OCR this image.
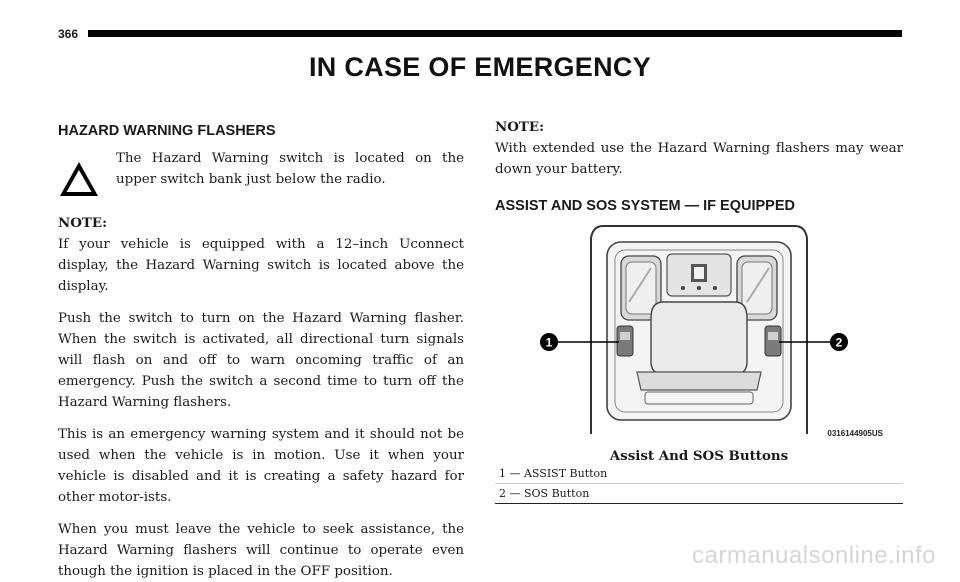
366
IN CASE OF EMERGENCY
HAZARD WARNING FLASHERS

The Hazard Warning switch is located on the upper switch bank just below the radio.

NOTE:

If your vehicle is equipped with a 12–inch Uconnect display, the Hazard Warning switch is located above the display.

Push the switch to turn on the Hazard Warning flasher. When the switch is activated, all directional turn signals will flash on and off to warn oncoming traffic of an emergency. Push the switch a second time to turn off the Hazard Warning flashers.

This is an emergency warning system and it should not be used when the vehicle is in motion. Use it when your vehicle is disabled and it is creating a safety hazard for other motor-ists.

When you must leave the vehicle to seek assistance, the Hazard Warning flashers will continue to operate even though the ignition is placed in the OFF position.

NOTE:

With extended use the Hazard Warning flashers may wear down your battery.

ASSIST AND SOS SYSTEM — IF EQUIPPED
1	2
0316144905US
Assist And SOS Buttons
1 — ASSIST Button
2 — SOS Button
carmanualsonline.info
